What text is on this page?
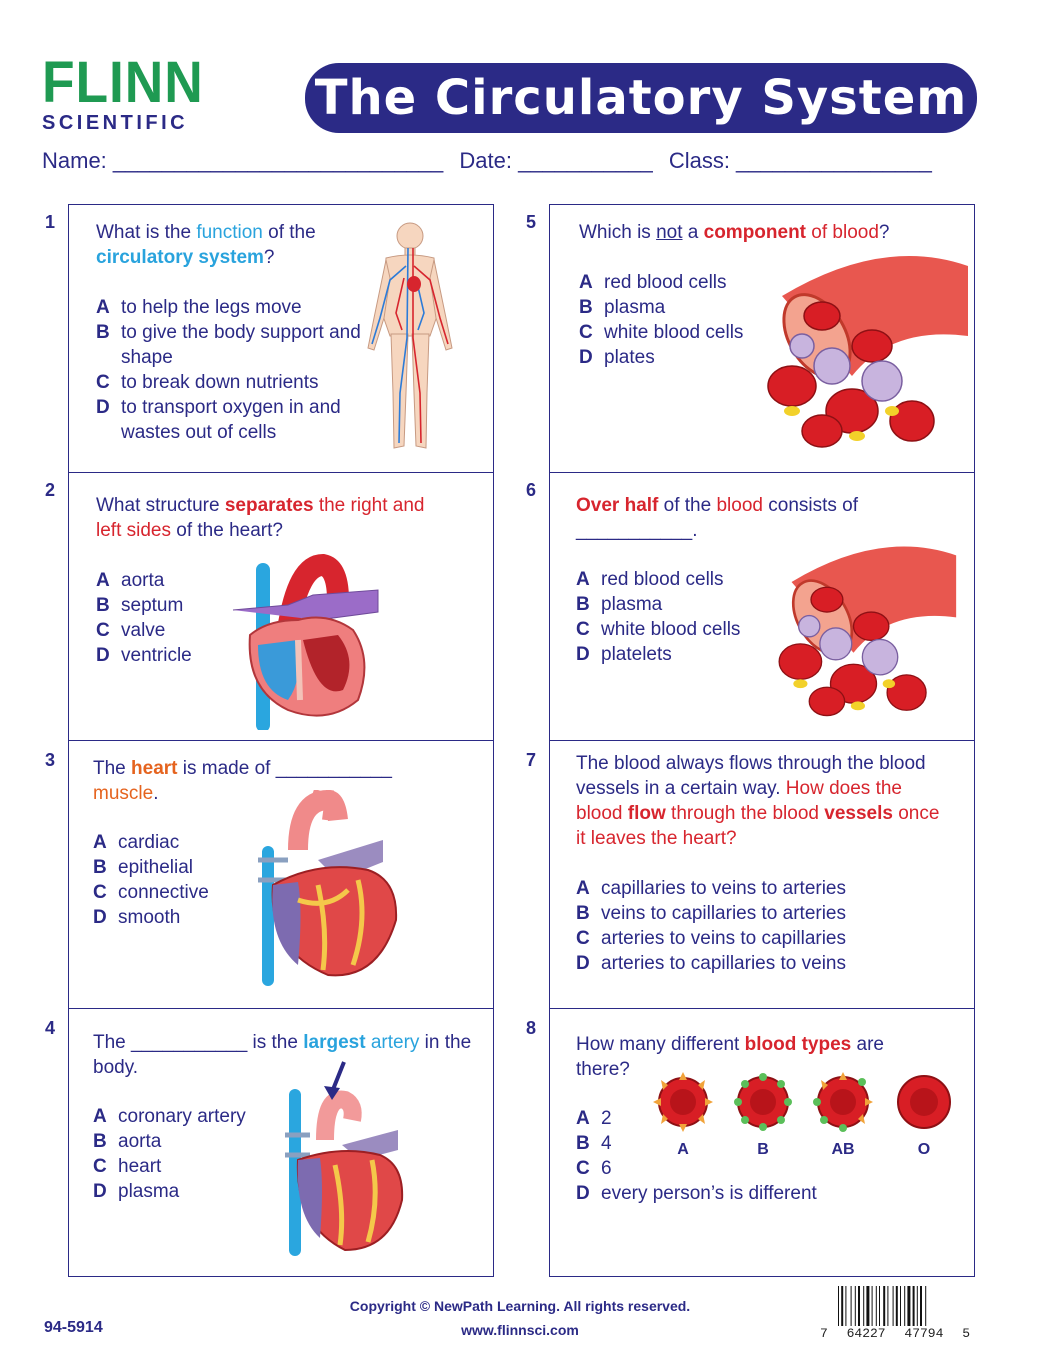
FLINN
SCIENTIFIC	The Circulatory System
Name: ___________________________ Date: ___________ Class: ________________
1
2
3
4
5
6
7
8
What is the function of the circulatory system?
What structure separates the right and left sides of the heart?
The heart is made of ___________ muscle.
The ___________ is the largest artery in the body.
Which is not a component of blood?
Over half of the blood consists of ___________.
The blood always flows through the blood vessels in a certain way. How does the blood flow through the blood vessels once it leaves the heart?
How many different blood types are there?
A to help the legs move
B to give the body support and shape
C to break down nutrients
D to transport oxygen in and wastes out of cells
A aorta
B septum
C valve
D ventricle
A cardiac
B epithelial
C connective
D smooth
A coronary artery
B aorta
C heart
D plasma
A red blood cells
B plasma
C white blood cells
D plates
A red blood cells
B plasma
C white blood cells
D platelets
A capillaries to veins to arteries
B veins to capillaries to arteries
C arteries to veins to capillaries
D arteries to capillaries to veins
A 2
B 4
C 6
D every person’s is different
A	B	AB	O
94-5914
Copyright © NewPath Learning. All rights reserved.
www.flinnsci.com	7 64227 47794 5
